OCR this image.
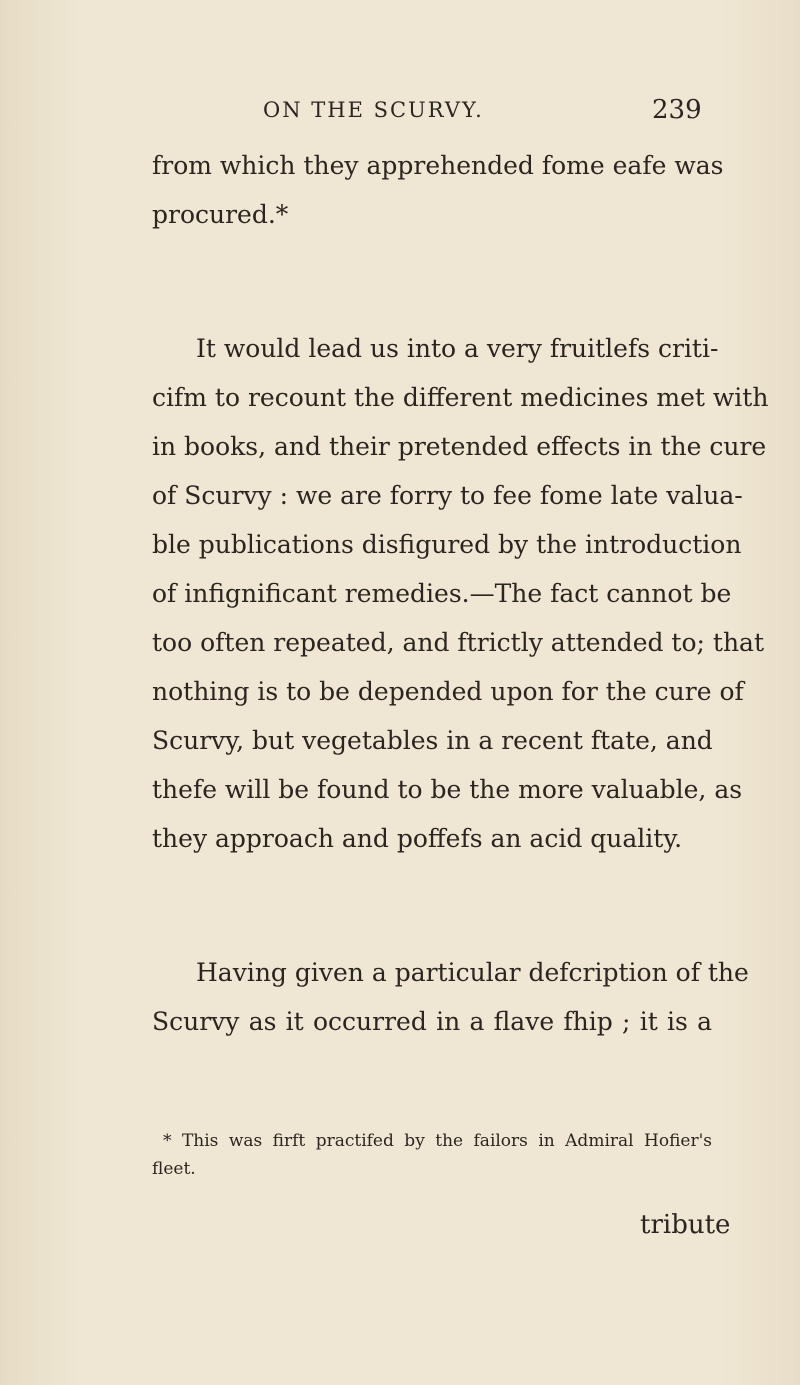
ON THE SCURVY.	239

from which they apprehended fome eafe was

procured.*

It would lead us into a very fruitlefs criti-

cifm to recount the different medicines met with

in books, and their pretended effects in the cure

of Scurvy : we are forry to fee fome late valua-

ble publications disfigured by the introduction

of infignificant remedies.—The fact cannot be

too often repeated, and ftrictly attended to; that

nothing is to be depended upon for the cure of

Scurvy, but vegetables in a recent ftate, and

thefe will be found to be the more valuable, as

they approach and poffefs an acid quality.

Having given a particular defcription of the

Scurvy as it occurred in a flave fhip ; it is a

* This was firft practifed by the failors in Admiral Hofier's

fleet.

tribute
